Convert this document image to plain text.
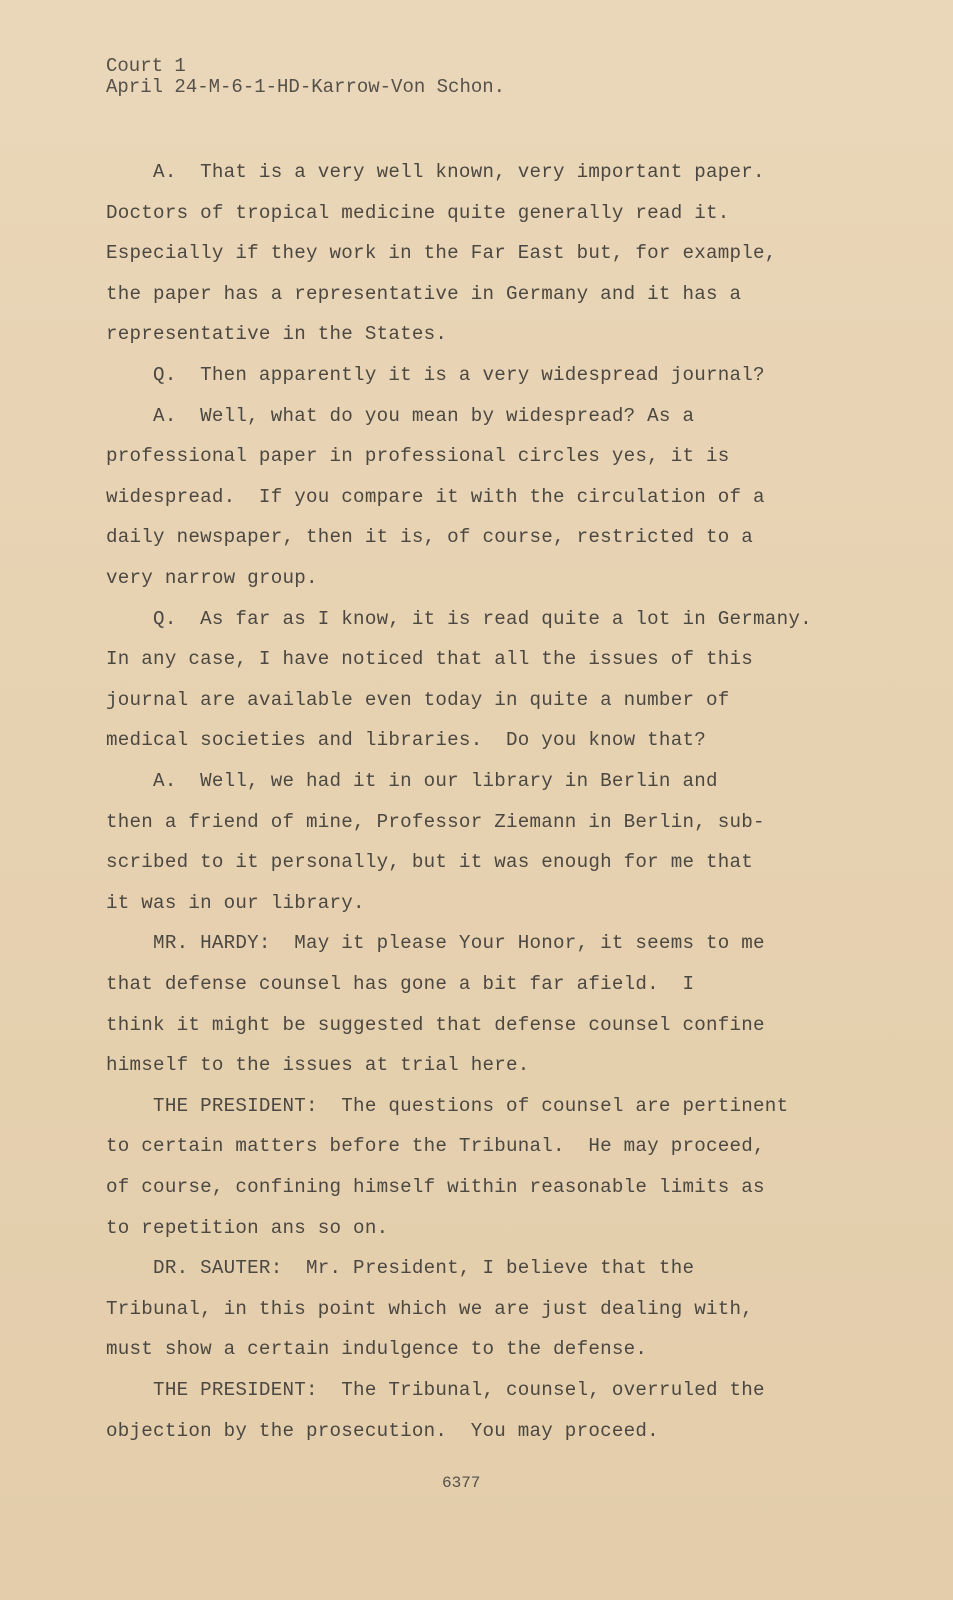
Court 1
April 24-M-6-1-HD-Karrow-Von Schon.
A.  That is a very well known, very important paper.
Doctors of tropical medicine quite generally read it.
Especially if they work in the Far East but, for example,
the paper has a representative in Germany and it has a
representative in the States.
Q.  Then apparently it is a very widespread journal?
A.  Well, what do you mean by widespread? As a
professional paper in professional circles yes, it is
widespread.  If you compare it with the circulation of a
daily newspaper, then it is, of course, restricted to a
very narrow group.
Q.  As far as I know, it is read quite a lot in Germany.
In any case, I have noticed that all the issues of this
journal are available even today in quite a number of
medical societies and libraries.  Do you know that?
A.  Well, we had it in our library in Berlin and
then a friend of mine, Professor Ziemann in Berlin, sub-
scribed to it personally, but it was enough for me that
it was in our library.
MR. HARDY:  May it please Your Honor, it seems to me
that defense counsel has gone a bit far afield.  I
think it might be suggested that defense counsel confine
himself to the issues at trial here.
THE PRESIDENT:  The questions of counsel are pertinent
to certain matters before the Tribunal.  He may proceed,
of course, confining himself within reasonable limits as
to repetition ans so on.
DR. SAUTER:  Mr. President, I believe that the
Tribunal, in this point which we are just dealing with,
must show a certain indulgence to the defense.
THE PRESIDENT:  The Tribunal, counsel, overruled the
objection by the prosecution.  You may proceed.
6377
